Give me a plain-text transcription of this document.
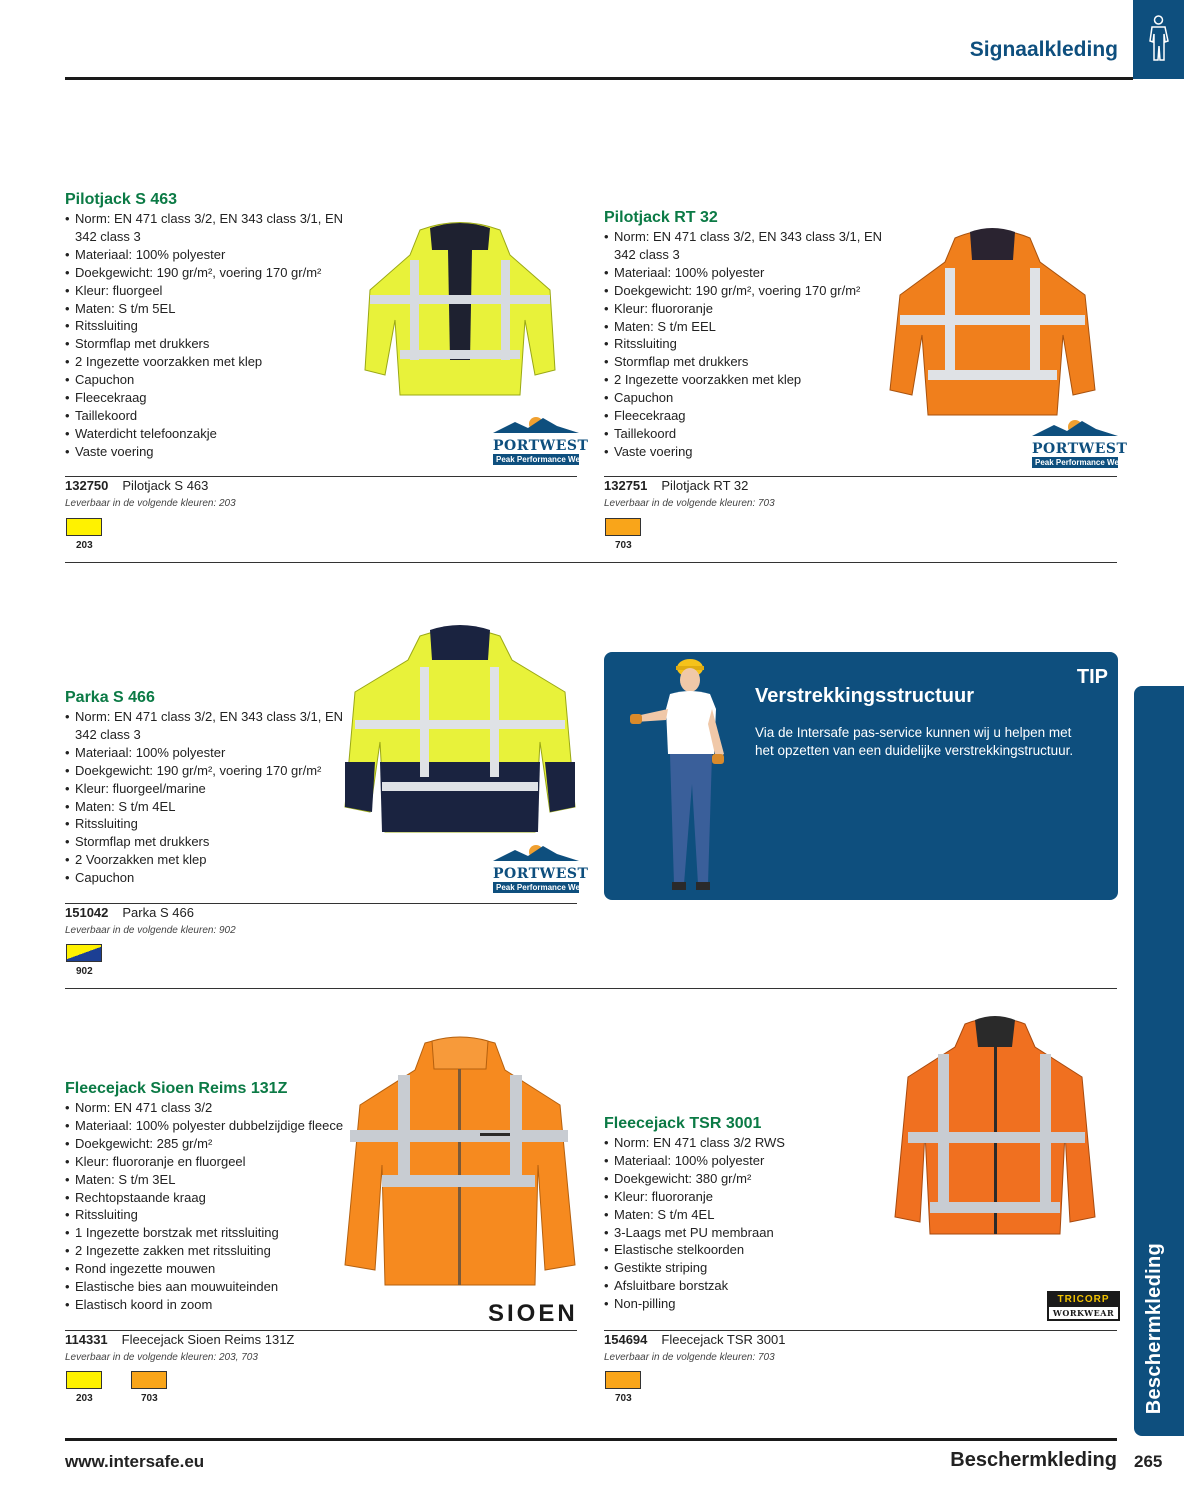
Signaalkleding
Beschermkleding
Pilotjack S 463
• Norm: EN 471 class 3/2, EN 343 class 3/1, EN 342 class 3
• Materiaal: 100% polyester
• Doekgewicht: 190 gr/m², voering 170 gr/m²
• Kleur: fluorgeel
• Maten: S t/m 5EL
• Ritssluiting
• Stormflap met drukkers
• 2 Ingezette voorzakken met klep
• Capuchon
• Fleecekraag
• Taillekoord
• Waterdicht telefoonzakje
• Vaste voering	PORTWEST
Peak Performance Wear
132750 Pilotjack S 463
Leverbaar in de volgende kleuren: 203
203
Pilotjack RT 32
• Norm: EN 471 class 3/2, EN 343 class 3/1, EN 342 class 3
• Materiaal: 100% polyester
• Doekgewicht: 190 gr/m², voering 170 gr/m²
• Kleur: fluororanje
• Maten: S t/m EEL
• Ritssluiting
• Stormflap met drukkers
• 2 Ingezette voorzakken met klep
• Capuchon
• Fleecekraag
• Taillekoord
• Vaste voering	PORTWEST
Peak Performance Wear
132751 Pilotjack RT 32
Leverbaar in de volgende kleuren: 703
703
Parka S 466
• Norm: EN 471 class 3/2, EN 343 class 3/1, EN 342 class 3
• Materiaal: 100% polyester
• Doekgewicht: 190 gr/m², voering 170 gr/m²
• Kleur: fluorgeel/marine
• Maten: S t/m 4EL
• Ritssluiting
• Stormflap met drukkers
• 2 Voorzakken met klep
• Capuchon	PORTWEST
Peak Performance Wear
151042 Parka S 466
Leverbaar in de volgende kleuren: 902
902
TIP
Verstrekkingsstructuur
Via de Intersafe pas-service kunnen wij u helpen met het opzetten van een duidelijke verstrekkingstructuur.
Fleecejack Sioen Reims 131Z
• Norm: EN 471 class 3/2
• Materiaal: 100% polyester dubbelzijdige fleece
• Doekgewicht: 285 gr/m²
• Kleur: fluororanje en fluorgeel
• Maten: S t/m 3EL
• Rechtopstaande kraag
• Ritssluiting
• 1 Ingezette borstzak met ritssluiting
• 2 Ingezette zakken met ritssluiting
• Rond ingezette mouwen
• Elastische bies aan mouwuiteinden
• Elastisch koord in zoom	SIOEN
114331 Fleecejack Sioen Reims 131Z
Leverbaar in de volgende kleuren: 203, 703
203	703
Fleecejack TSR 3001
• Norm: EN 471 class 3/2 RWS
• Materiaal: 100% polyester
• Doekgewicht: 380 gr/m²
• Kleur: fluororanje
• Maten: S t/m 4EL
• 3-Laags met PU membraan
• Elastische stelkoorden
• Gestikte striping
• Afsluitbare borstzak
• Non-pilling	TRICORP
WORKWEAR
154694 Fleecejack TSR 3001
Leverbaar in de volgende kleuren: 703
703
www.intersafe.eu	Beschermkleding 265
